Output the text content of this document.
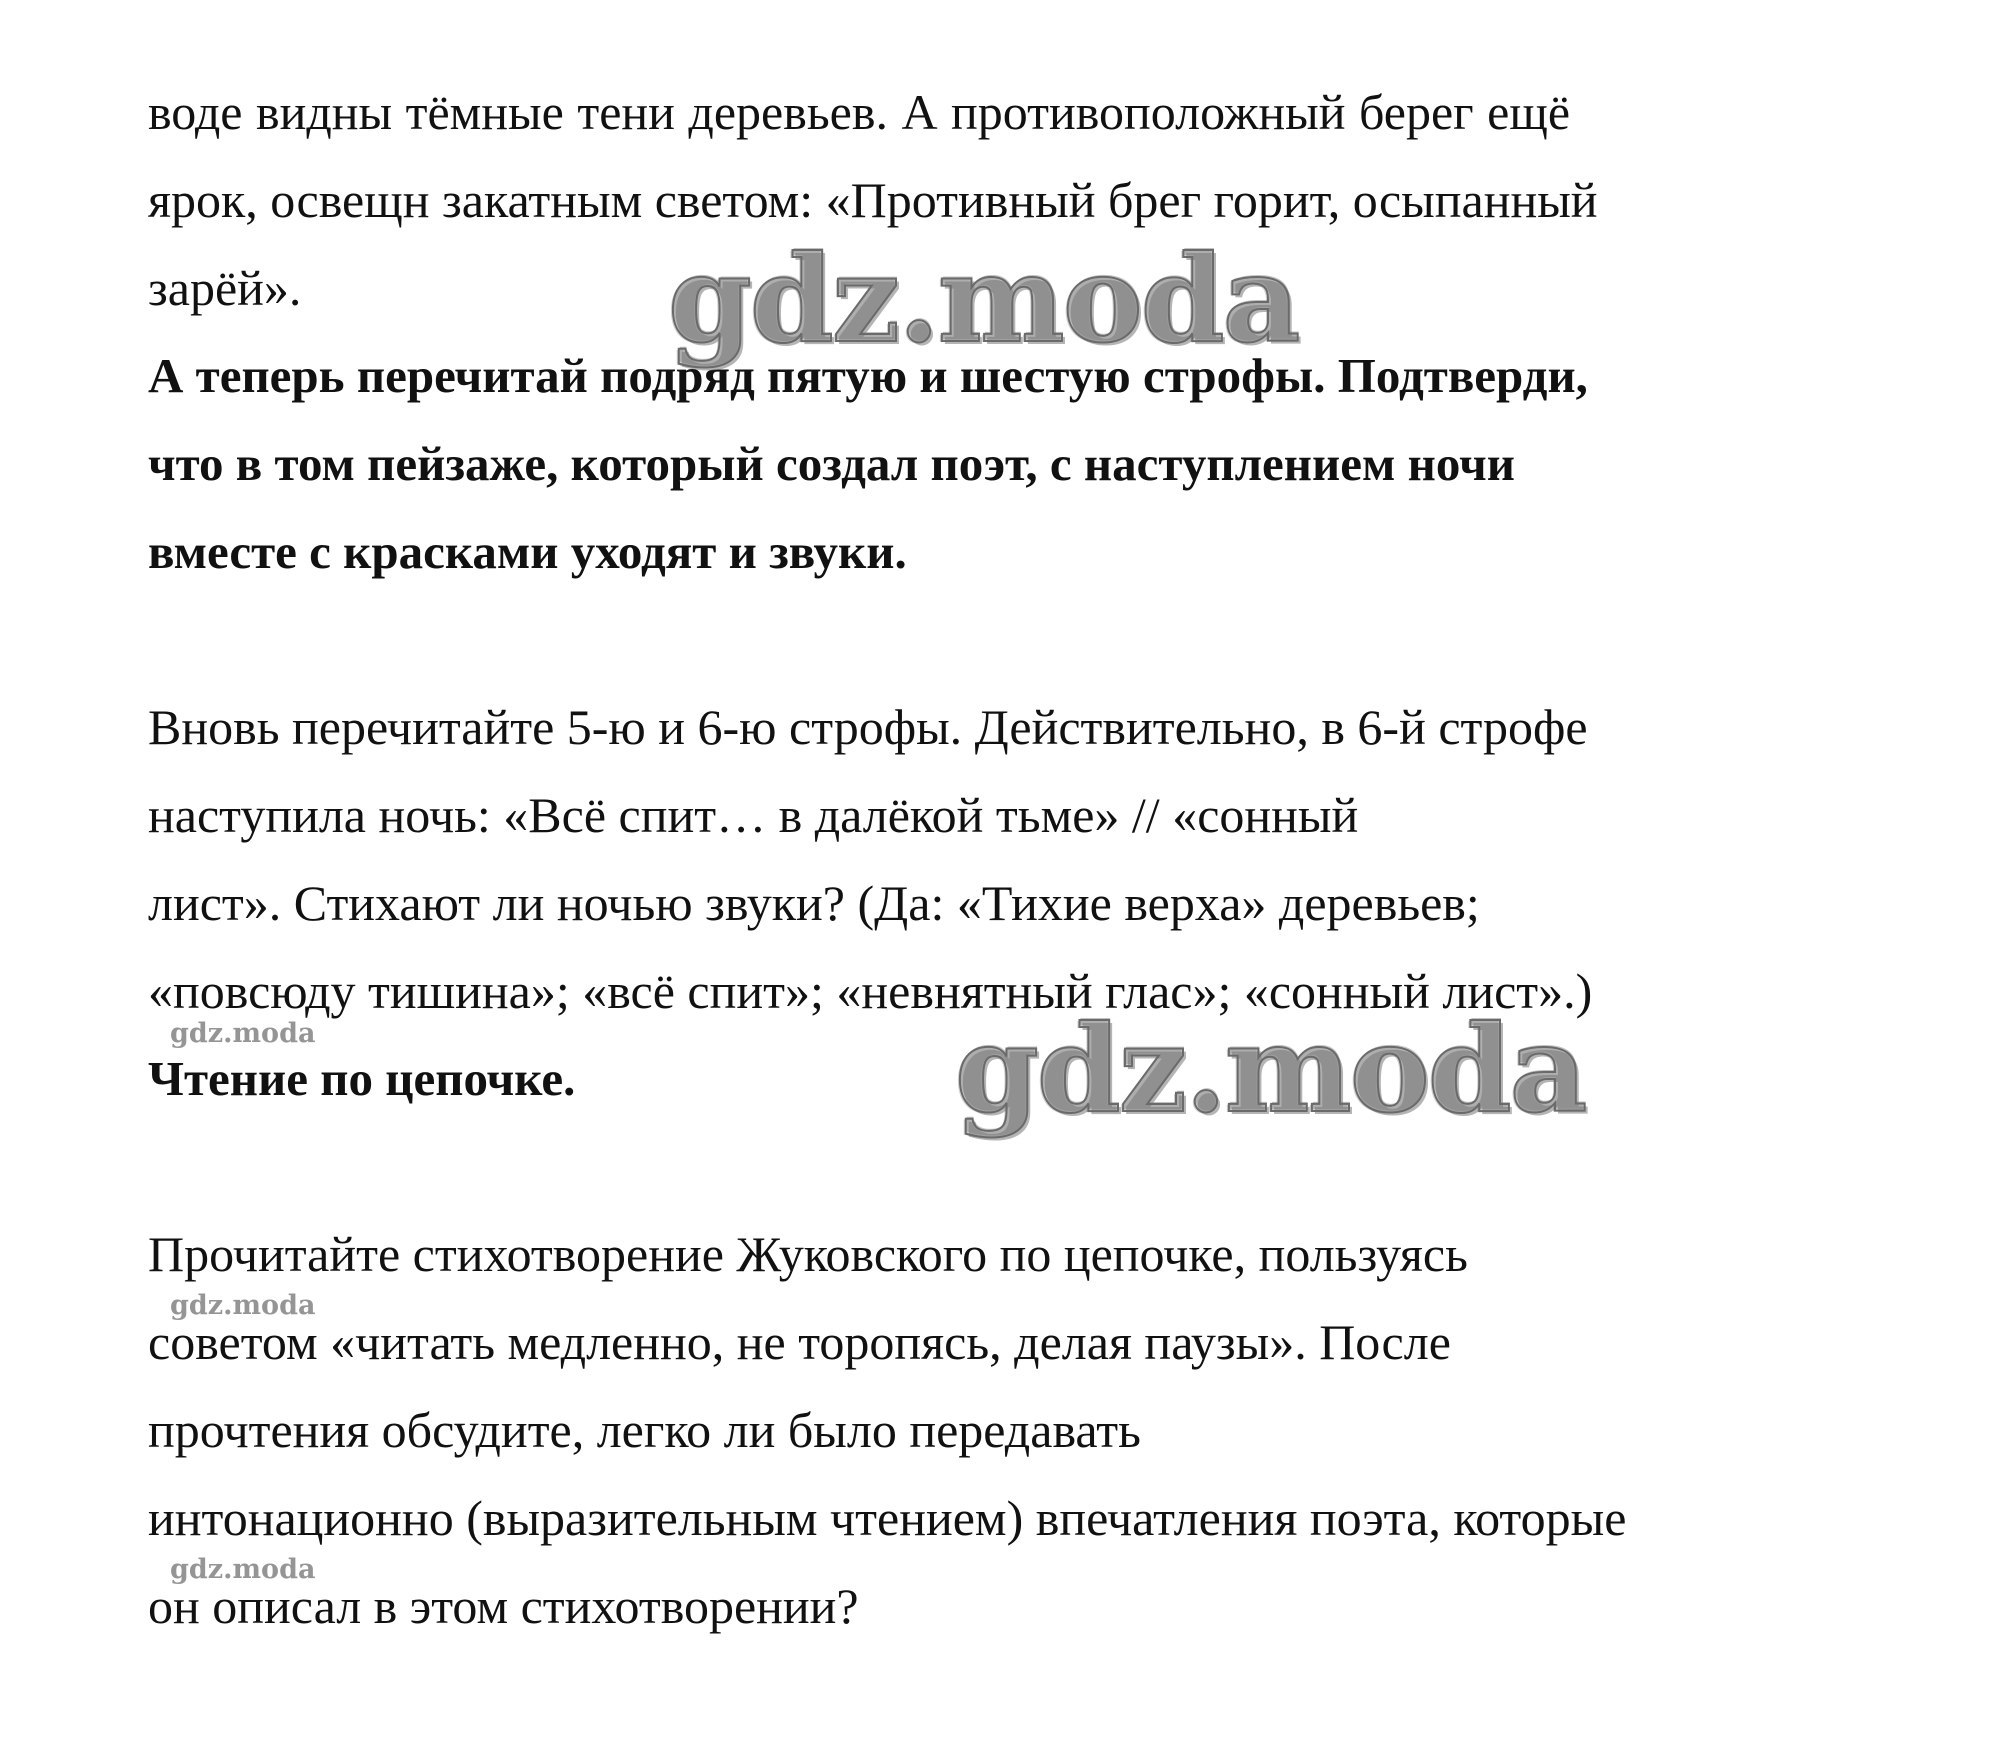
воде видны тёмные тени деревьев. А противоположный берег ещё

ярок, освещн закатным светом: «Противный брег горит, осыпанный

зарёй».

А теперь перечитай подряд пятую и шестую строфы. Подтверди,

что в том пейзаже, который создал поэт, с наступлением ночи

вместе с красками уходят и звуки.

Вновь перечитайте 5-ю и 6-ю строфы. Действительно, в 6-й строфе

наступила ночь: «Всё спит… в далёкой тьме» // «сонный

лист». Стихают ли ночью звуки? (Да: «Тихие верха» деревьев;

«повсюду тишина»; «всё спит»; «невнятный глас»; «сонный лист».)

Чтение по цепочке.

Прочитайте стихотворение Жуковского по цепочке, пользуясь

советом «читать медленно, не торопясь, делая паузы». После

прочтения обсудите, легко ли было передавать

интонационно (выразительным чтением) впечатления поэта, которые

он описал в этом стихотворении?

gdz.moda

gdz.moda

gdz.moda

gdz.moda

gdz.moda
